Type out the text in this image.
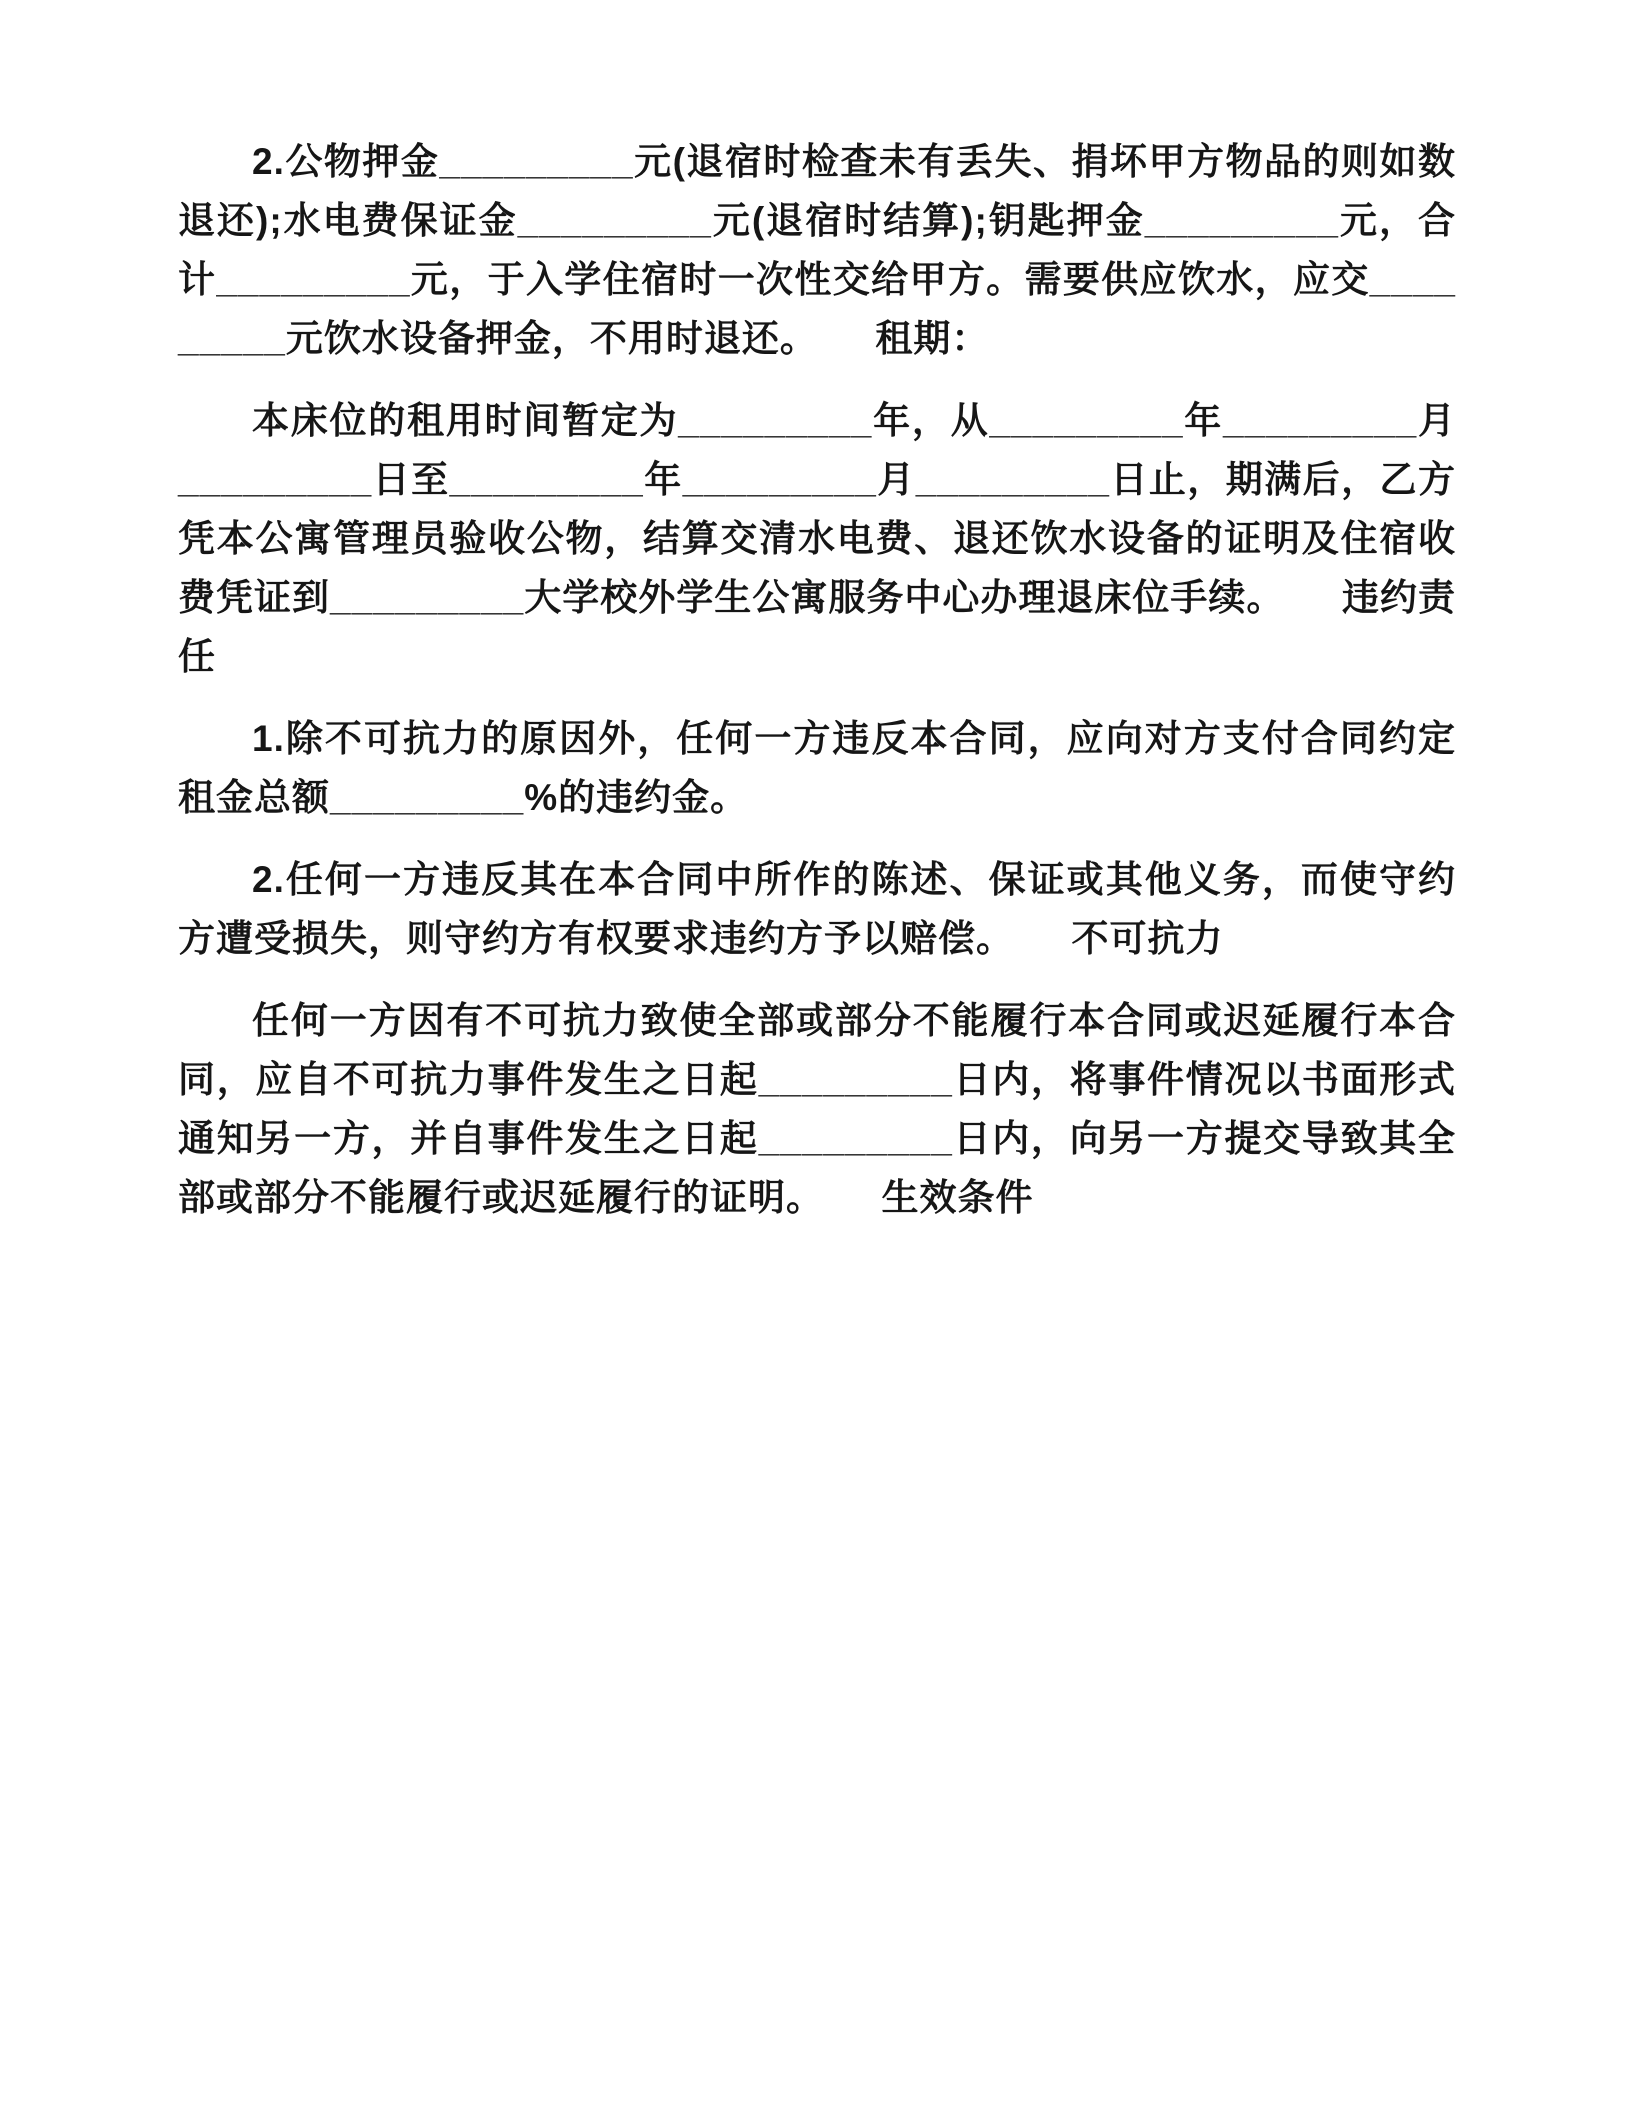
2.公物押金_________元(退宿时检查未有丢失、捐坏甲方物品的则如数退还);水电费保证金_________元(退宿时结算);钥匙押金_________元，合计_________元，于入学住宿时一次性交给甲方。需要供应饮水，应交_________元饮水设备押金，不用时退还。　　租期：

本床位的租用时间暂定为_________年，从_________年_________月_________日至_________年_________月_________日止，期满后，乙方凭本公寓管理员验收公物，结算交清水电费、退还饮水设备的证明及住宿收费凭证到_________大学校外学生公寓服务中心办理退床位手续。　　违约责任

1.除不可抗力的原因外，任何一方违反本合同，应向对方支付合同约定租金总额_________%的违约金。

2.任何一方违反其在本合同中所作的陈述、保证或其他义务，而使守约方遭受损失，则守约方有权要求违约方予以赔偿。　　不可抗力

任何一方因有不可抗力致使全部或部分不能履行本合同或迟延履行本合同，应自不可抗力事件发生之日起_________日内，将事件情况以书面形式通知另一方，并自事件发生之日起_________日内，向另一方提交导致其全部或部分不能履行或迟延履行的证明。　　生效条件
